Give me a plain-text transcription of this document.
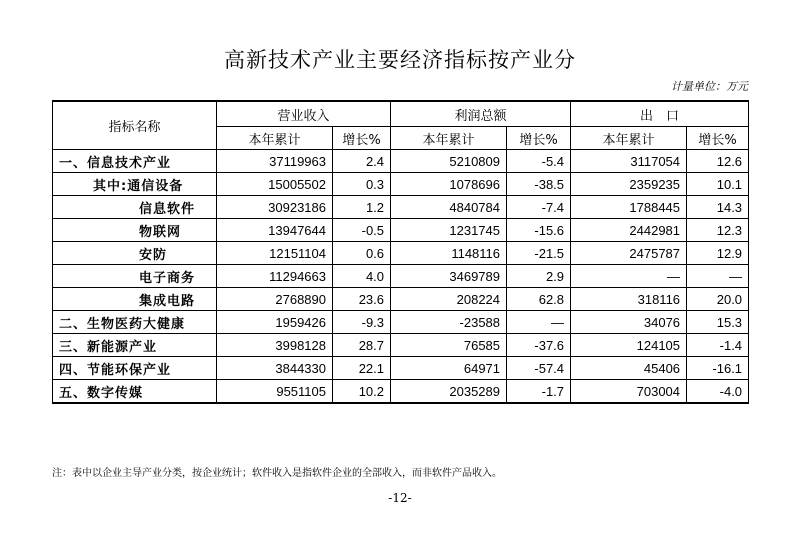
高新技术产业主要经济指标按产业分
计量单位：万元
指标名称	营业收入		利润总额		出　口	
	本年累计	增长%	本年累计	增长%	本年累计	增长%
一、信息技术产业	37119963	2.4	5210809	-5.4	3117054	12.6
其中:通信设备	15005502	0.3	1078696	-38.5	2359235	10.1
信息软件	30923186	1.2	4840784	-7.4	1788445	14.3
物联网	13947644	-0.5	1231745	-15.6	2442981	12.3
安防	12151104	0.6	1148116	-21.5	2475787	12.9
电子商务	11294663	4.0	3469789	2.9	—	—
集成电路	2768890	23.6	208224	62.8	318116	20.0
二、生物医药大健康	1959426	-9.3	-23588	—	34076	15.3
三、新能源产业	3998128	28.7	76585	-37.6	124105	-1.4
四、节能环保产业	3844330	22.1	64971	-57.4	45406	-16.1
五、数字传媒	9551105	10.2	2035289	-1.7	703004	-4.0
注：表中以企业主导产业分类，按企业统计；软件收入是指软件企业的全部收入，而非软件产品收入。
-12-
